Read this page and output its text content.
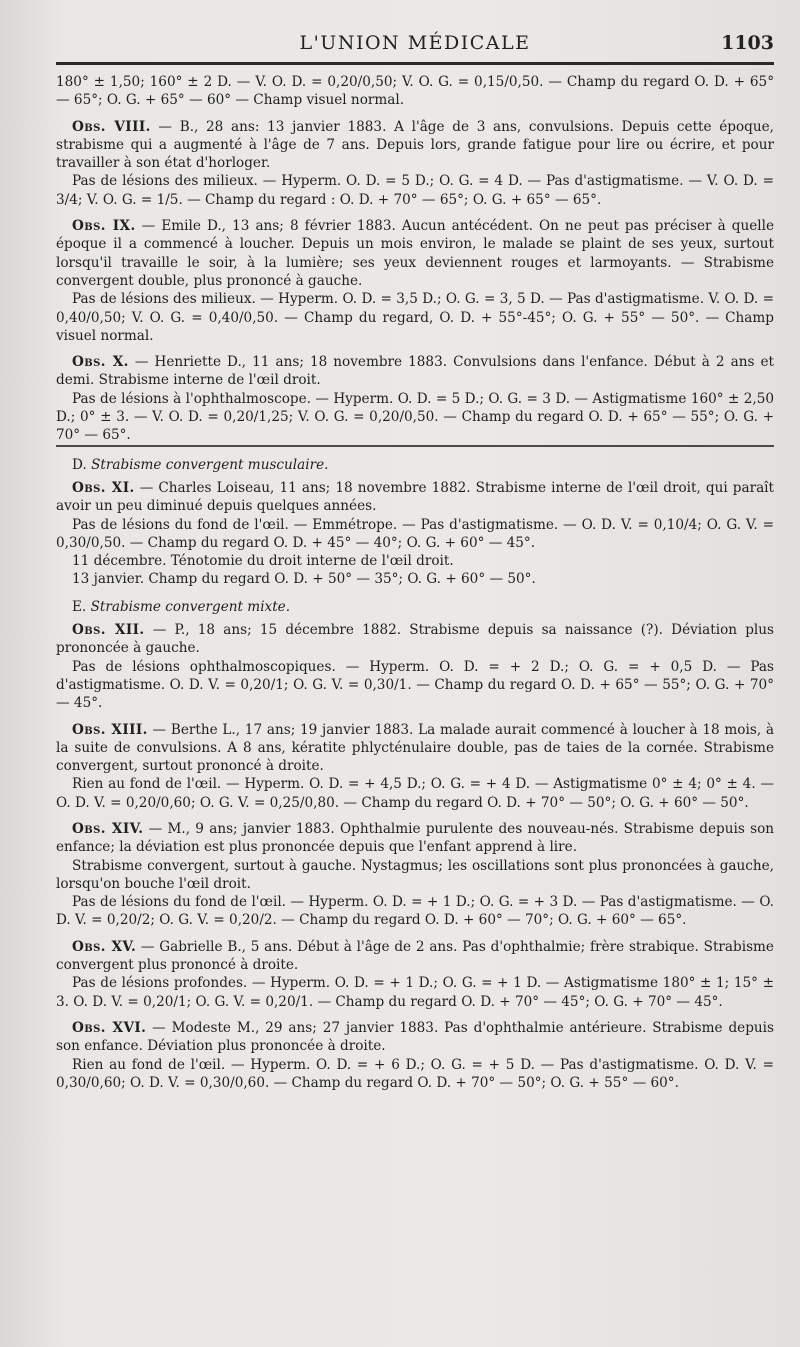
L'UNION MÉDICALE	1103

180° ± 1,50; 160° ± 2 D. — V. O. D. = 0,20/0,50; V. O. G. = 0,15/0,50. — Champ du regard O. D. + 65° — 65°; O. G. + 65° — 60° — Champ visuel normal.

Obs. VIII. — B., 28 ans: 13 janvier 1883. A l'âge de 3 ans, convulsions. Depuis cette époque, strabisme qui a augmenté à l'âge de 7 ans. Depuis lors, grande fatigue pour lire ou écrire, et pour travailler à son état d'horloger.

Pas de lésions des milieux. — Hyperm. O. D. = 5 D.; O. G. = 4 D. — Pas d'astigmatisme. — V. O. D. = 3/4; V. O. G. = 1/5. — Champ du regard : O. D. + 70° — 65°; O. G. + 65° — 65°.

Obs. IX. — Emile D., 13 ans; 8 février 1883. Aucun antécédent. On ne peut pas préciser à quelle époque il a commencé à loucher. Depuis un mois environ, le malade se plaint de ses yeux, surtout lorsqu'il travaille le soir, à la lumière; ses yeux deviennent rouges et larmoyants. — Strabisme convergent double, plus prononcé à gauche.

Pas de lésions des milieux. — Hyperm. O. D. = 3,5 D.; O. G. = 3, 5 D. — Pas d'astigmatisme. V. O. D. = 0,40/0,50; V. O. G. = 0,40/0,50. — Champ du regard, O. D. + 55°-45°; O. G. + 55° — 50°. — Champ visuel normal.

Obs. X. — Henriette D., 11 ans; 18 novembre 1883. Convulsions dans l'enfance. Début à 2 ans et demi. Strabisme interne de l'œil droit.

Pas de lésions à l'ophthalmoscope. — Hyperm. O. D. = 5 D.; O. G. = 3 D. — Astigmatisme 160° ± 2,50 D.; 0° ± 3. — V. O. D. = 0,20/1,25; V. O. G. = 0,20/0,50. — Champ du regard O. D. + 65° — 55°; O. G. + 70° — 65°.

D. Strabisme convergent musculaire.

Obs. XI. — Charles Loiseau, 11 ans; 18 novembre 1882. Strabisme interne de l'œil droit, qui paraît avoir un peu diminué depuis quelques années.

Pas de lésions du fond de l'œil. — Emmétrope. — Pas d'astigmatisme. — O. D. V. = 0,10/4; O. G. V. = 0,30/0,50. — Champ du regard O. D. + 45° — 40°; O. G. + 60° — 45°.

11 décembre. Ténotomie du droit interne de l'œil droit.

13 janvier. Champ du regard O. D. + 50° — 35°; O. G. + 60° — 50°.

E. Strabisme convergent mixte.

Obs. XII. — P., 18 ans; 15 décembre 1882. Strabisme depuis sa naissance (?). Déviation plus prononcée à gauche.

Pas de lésions ophthalmoscopiques. — Hyperm. O. D. = + 2 D.; O. G. = + 0,5 D. — Pas d'astigmatisme. O. D. V. = 0,20/1; O. G. V. = 0,30/1. — Champ du regard O. D. + 65° — 55°; O. G. + 70° — 45°.

Obs. XIII. — Berthe L., 17 ans; 19 janvier 1883. La malade aurait commencé à loucher à 18 mois, à la suite de convulsions. A 8 ans, kératite phlycténulaire double, pas de taies de la cornée. Strabisme convergent, surtout prononcé à droite.

Rien au fond de l'œil. — Hyperm. O. D. = + 4,5 D.; O. G. = + 4 D. — Astigmatisme 0° ± 4; 0° ± 4. — O. D. V. = 0,20/0,60; O. G. V. = 0,25/0,80. — Champ du regard O. D. + 70° — 50°; O. G. + 60° — 50°.

Obs. XIV. — M., 9 ans; janvier 1883. Ophthalmie purulente des nouveau-nés. Strabisme depuis son enfance; la déviation est plus prononcée depuis que l'enfant apprend à lire.

Strabisme convergent, surtout à gauche. Nystagmus; les oscillations sont plus prononcées à gauche, lorsqu'on bouche l'œil droit.

Pas de lésions du fond de l'œil. — Hyperm. O. D. = + 1 D.; O. G. = + 3 D. — Pas d'astigmatisme. — O. D. V. = 0,20/2; O. G. V. = 0,20/2. — Champ du regard O. D. + 60° — 70°; O. G. + 60° — 65°.

Obs. XV. — Gabrielle B., 5 ans. Début à l'âge de 2 ans. Pas d'ophthalmie; frère strabique. Strabisme convergent plus prononcé à droite.

Pas de lésions profondes. — Hyperm. O. D. = + 1 D.; O. G. = + 1 D. — Astigmatisme 180° ± 1; 15° ± 3. O. D. V. = 0,20/1; O. G. V. = 0,20/1. — Champ du regard O. D. + 70° — 45°; O. G. + 70° — 45°.

Obs. XVI. — Modeste M., 29 ans; 27 janvier 1883. Pas d'ophthalmie antérieure. Strabisme depuis son enfance. Déviation plus prononcée à droite.

Rien au fond de l'œil. — Hyperm. O. D. = + 6 D.; O. G. = + 5 D. — Pas d'astigmatisme. O. D. V. = 0,30/0,60; O. D. V. = 0,30/0,60. — Champ du regard O. D. + 70° — 50°; O. G. + 55° — 60°.
